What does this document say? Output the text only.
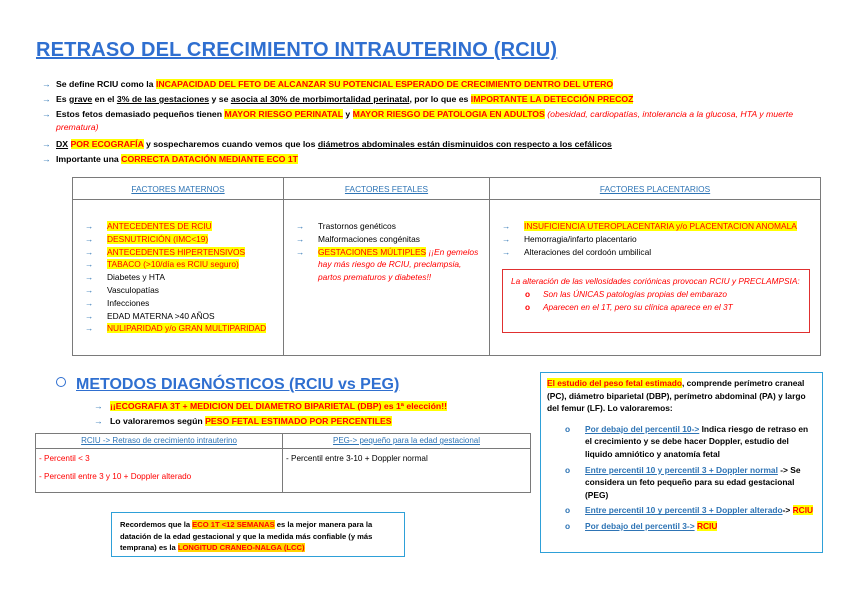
RETRASO DEL CRECIMIENTO INTRAUTERINO (RCIU)
→ Se define RCIU como la INCAPACIDAD DEL FETO DE ALCANZAR SU POTENCIAL ESPERADO DE CRECIMIENTO DENTRO DEL UTERO
→ Es grave en el 3% de las gestaciones y se asocia al 30% de morbimortalidad perinatal, por lo que es IMPORTANTE LA DETECCIÓN PRECOZ
→ Estos fetos demasiado pequeños tienen MAYOR RIESGO PERINATAL y MAYOR RIESGO DE PATOLOGIA EN ADULTOS (obesidad, cardiopatías, intolerancia a la glucosa, HTA y muerte prematura)
→ DX POR ECOGRAFÍA y sospecharemos cuando vemos que los diámetros abdominales están disminuidos con respecto a los cefálicos
→ Importante una CORRECTA DATACIÓN MEDIANTE ECO 1T
FACTORES MATERNOS
→ ANTECEDENTES DE RCIU
→ DESNUTRICIÓN (IMC<19)
→ ANTECEDENTES HIPERTENSIVOS
→ TABACO (>10/día es RCIU seguro)
→ Diabetes y HTA
→ Vasculopatías
→ Infecciones
→ EDAD MATERNA >40 AÑOS
→ NULIPARIDAD y/o GRAN MULTIPARIDAD
FACTORES FETALES
→ Trastornos genéticos
→ Malformaciones congénitas
→ GESTACIONES MÚLTIPLES ¡¡En gemelos hay más riesgo de RCIU, preclampsia, partos prematuros y diabetes!!
FACTORES PLACENTARIOS
→ INSUFICIENCIA UTEROPLACENTARIA y/o PLACENTACION ANOMALA
→ Hemorragia/infarto placentario
→ Alteraciones del cordoón umbilical
La alteración de las vellosidades coriónicas provocan RCIU y PRECLAMPSIA:
o Son las ÚNICAS patologías propias del embarazo
o Aparecen en el 1T, pero su clínica aparece en el 3T
METODOS DIAGNÓSTICOS (RCIU vs PEG)
→ ¡¡ECOGRAFIA 3T + MEDICION DEL DIAMETRO BIPARIETAL (DBP) es 1ª elección!!
→ Lo valoraremos según PESO FETAL ESTIMADO POR PERCENTILES
RCIU -> Retraso de crecimiento intrauterino
- Percentil < 3
- Percentil entre 3 y 10 + Doppler alterado
PEG-> pequeño para la edad gestacional
- Percentil entre 3-10 + Doppler normal
Recordemos que la ECO 1T <12 SEMANAS es la mejor manera para la datación de la edad gestacional y que la medida más confiable (y más temprana) es la LONGITUD CRANEO-NALGA (LCC)
El estudio del peso fetal estimado, comprende perímetro craneal (PC), diámetro biparietal (DBP), perímetro abdominal (PA) y largo del femur (LF). Lo valoraremos:
o Por debajo del percentil 10-> Indica riesgo de retraso en el crecimiento y se debe hacer Doppler, estudio del liquido amniótico y anatomía fetal
o Entre percentil 10 y percentil 3 + Doppler normal -> Se considera un feto pequeño para su edad gestacional (PEG)
o Entre percentil 10 y percentil 3 + Doppler alterado-> RCIU
o Por debajo del percentil 3-> RCIU
